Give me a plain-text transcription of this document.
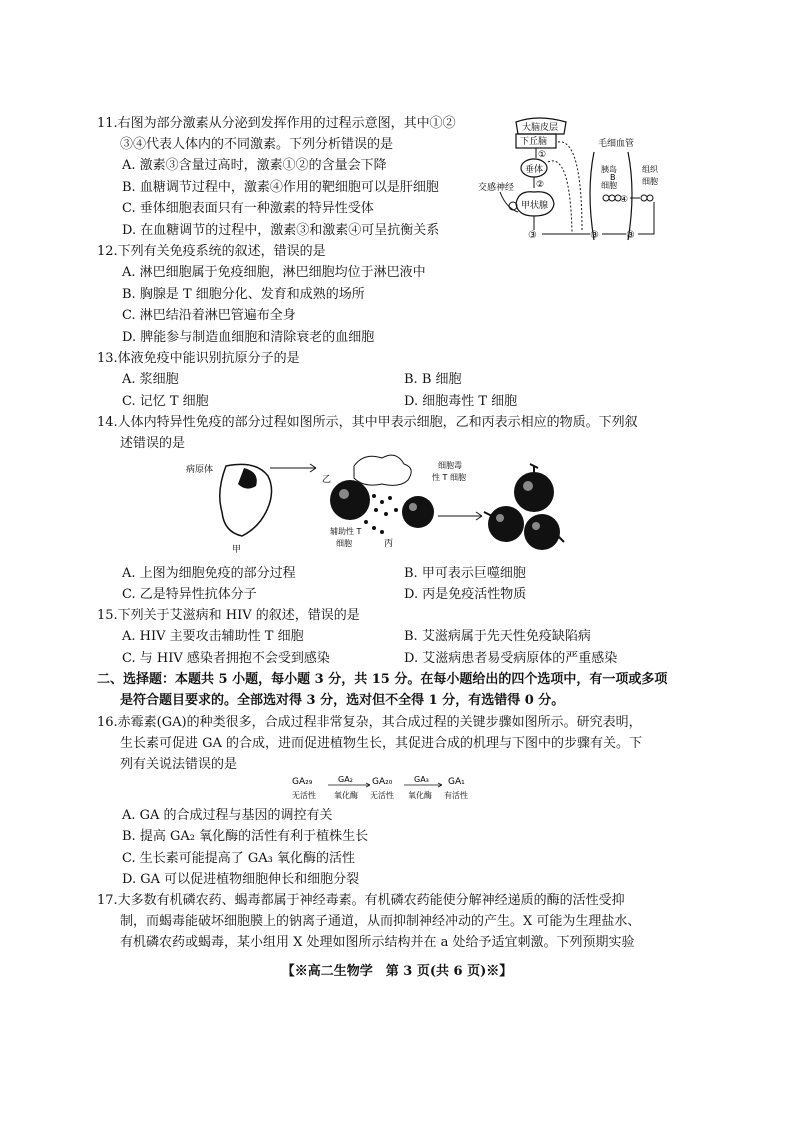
11.右图为部分激素从分泌到发挥作用的过程示意图，其中①②
③④代表人体内的不同激素。下列分析错误的是
A. 激素③含量过高时，激素①②的含量会下降
B. 血糖调节过程中，激素④作用的靶细胞可以是肝细胞
C. 垂体细胞表面只有一种激素的特异性受体
D. 在血糖调节的过程中，激素③和激素④可呈抗衡关系
大脑皮层
下丘脑
①
垂体
②
甲状腺
交感神经
③	③	③
毛细血管
胰岛
B
细胞
④
组织
细胞
12.下列有关免疫系统的叙述，错误的是
A. 淋巴细胞属于免疫细胞，淋巴细胞均位于淋巴液中
B. 胸腺是 T 细胞分化、发育和成熟的场所
C. 淋巴结沿着淋巴管遍布全身
D. 脾能参与制造血细胞和清除衰老的血细胞
13.体液免疫中能识别抗原分子的是
A. 浆细胞	B. B 细胞
C. 记忆 T 细胞	D. 细胞毒性 T 细胞
14.人体内特异性免疫的部分过程如图所示，其中甲表示细胞，乙和丙表示相应的物质。下列叙
述错误的是
病原体
甲
乙
辅助性 T
细胞	丙
细胞毒
性 T 细胞
A. 上图为细胞免疫的部分过程	B. 甲可表示巨噬细胞
C. 乙是特异性抗体分子	D. 丙是免疫活性物质
15.下列关于艾滋病和 HIV 的叙述，错误的是
A. HIV 主要攻击辅助性 T 细胞	B. 艾滋病属于先天性免疫缺陷病
C. 与 HIV 感染者拥抱不会受到感染	D. 艾滋病患者易受病原体的严重感染
二、选择题：本题共 5 小题，每小题 3 分，共 15 分。在每小题给出的四个选项中，有一项或多项
是符合题目要求的。全部选对得 3 分，选对但不全得 1 分，有选错得 0 分。
16.赤霉素(GA)的种类很多，合成过程非常复杂，其合成过程的关键步骤如图所示。研究表明，
生长素可促进 GA 的合成，进而促进植物生长，其促进合成的机理与下图中的步骤有关。下
列有关说法错误的是
GA₂₉	GA₂ GA₂₀	GA₃ GA₁
无活性 氧化酶 无活性 氧化酶 有活性
A. GA 的合成过程与基因的调控有关
B. 提高 GA₂ 氧化酶的活性有利于植株生长
C. 生长素可能提高了 GA₃ 氧化酶的活性
D. GA 可以促进植物细胞伸长和细胞分裂
17.大多数有机磷农药、蝎毒都属于神经毒素。有机磷农药能使分解神经递质的酶的活性受抑
制，而蝎毒能破坏细胞膜上的钠离子通道，从而抑制神经冲动的产生。X 可能为生理盐水、
有机磷农药或蝎毒，某小组用 X 处理如图所示结构并在 a 处给予适宜刺激。下列预期实验
【※高二生物学　第 3 页(共 6 页)※】
